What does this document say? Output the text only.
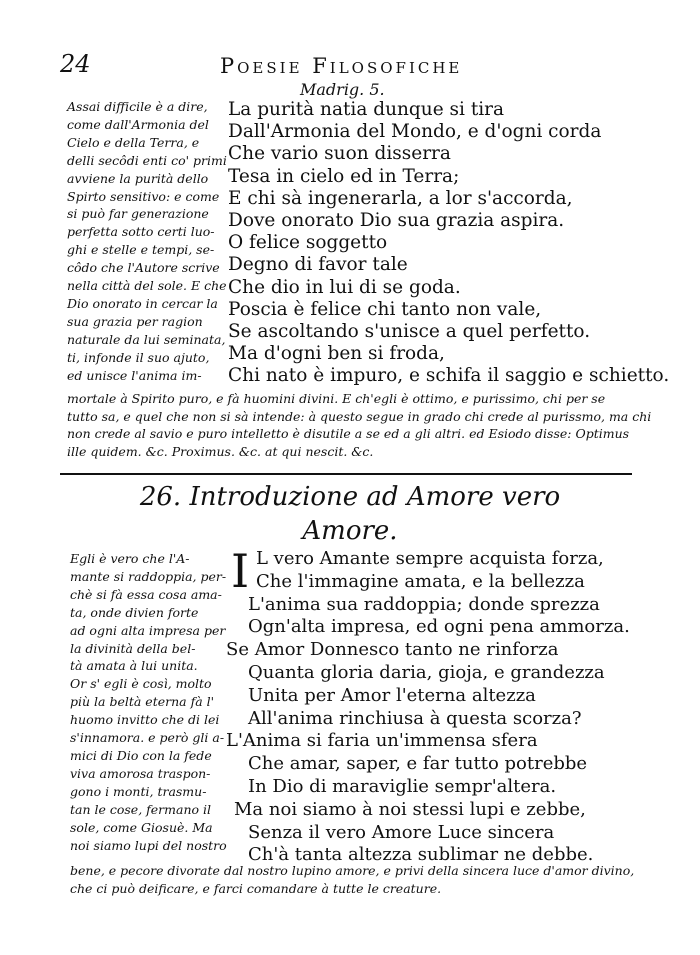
24	Poesie Filosofiche
Madrig. 5.

Assai difficile è a dire,

come dall'Armonia del

Cielo e della Terra, e

delli secôdi enti co' primi

avviene la purità dello

Spirto sensitivo: e come

si può far generazione

perfetta sotto certi luo-

ghi e stelle e tempi, se-

côdo che l'Autore scrive

nella città del sole. E che

Dio onorato in cercar la

sua grazia per ragion

naturale da lui seminata,

ti, infonde il suo ajuto,

ed unisce l'anima im-

La purità natia dunque si tira
Dall'Armonia del Mondo, e d'ogni corda
Che vario suon disserra
Tesa in cielo ed in Terra;
E chi sà ingenerarla, a lor s'accorda,
Dove onorato Dio sua grazia aspira.
O felice soggetto
Degno di favor tale
Che dio in lui di se goda.
Poscia è felice chi tanto non vale,
Se ascoltando s'unisce a quel perfetto.
Ma d'ogni ben si froda,
Chi nato è impuro, e schifa il saggio e schietto.

mortale à Spirito puro, e fà huomini divini. E ch'egli è ottimo, e purissimo, chi per se

tutto sa, e quel che non si sà intende: à questo segue in grado chi crede al purissmo, ma chi

non crede al savio e puro intelletto è disutile a se ed a gli altri. ed Esiodo disse: Optimus

ille quidem. &c. Proximus. &c. at qui nescit. &c.

26. Introduzione ad Amore vero
Amore.

Egli è vero che l'A-

mante si raddoppia, per-

chè si fà essa cosa ama-

ta, onde divien forte

ad ogni alta impresa per

la divinità della bel-

tà amata à lui unita.

Or s' egli è così, molto

più la beltà eterna fà l'

huomo invitto che di lei

s'innamora. e però gli a-

mici di Dio con la fede

viva amorosa traspon-

gono i monti, trasmu-

tan le cose, fermano il

sole, come Giosuè. Ma

noi siamo lupi del nostro

I L vero Amante sempre acquista forza,
Che l'immagine amata, e la bellezza
L'anima sua raddoppia; donde sprezza
Ogn'alta impresa, ed ogni pena ammorza.
Se Amor Donnesco tanto ne rinforza
Quanta gloria daria, gioja, e grandezza
Unita per Amor l'eterna altezza
All'anima rinchiusa à questa scorza?
L'Anima si faria un'immensa sfera
Che amar, saper, e far tutto potrebbe
In Dio di maraviglie sempr'altera.
Ma noi siamo à noi stessi lupi e zebbe,
Senza il vero Amore Luce sincera
Ch'à tanta altezza sublimar ne debbe.

bene, e pecore divorate dal nostro lupino amore, e privi della sincera luce d'amor divino,

che ci può deificare, e farci comandare à tutte le creature.
